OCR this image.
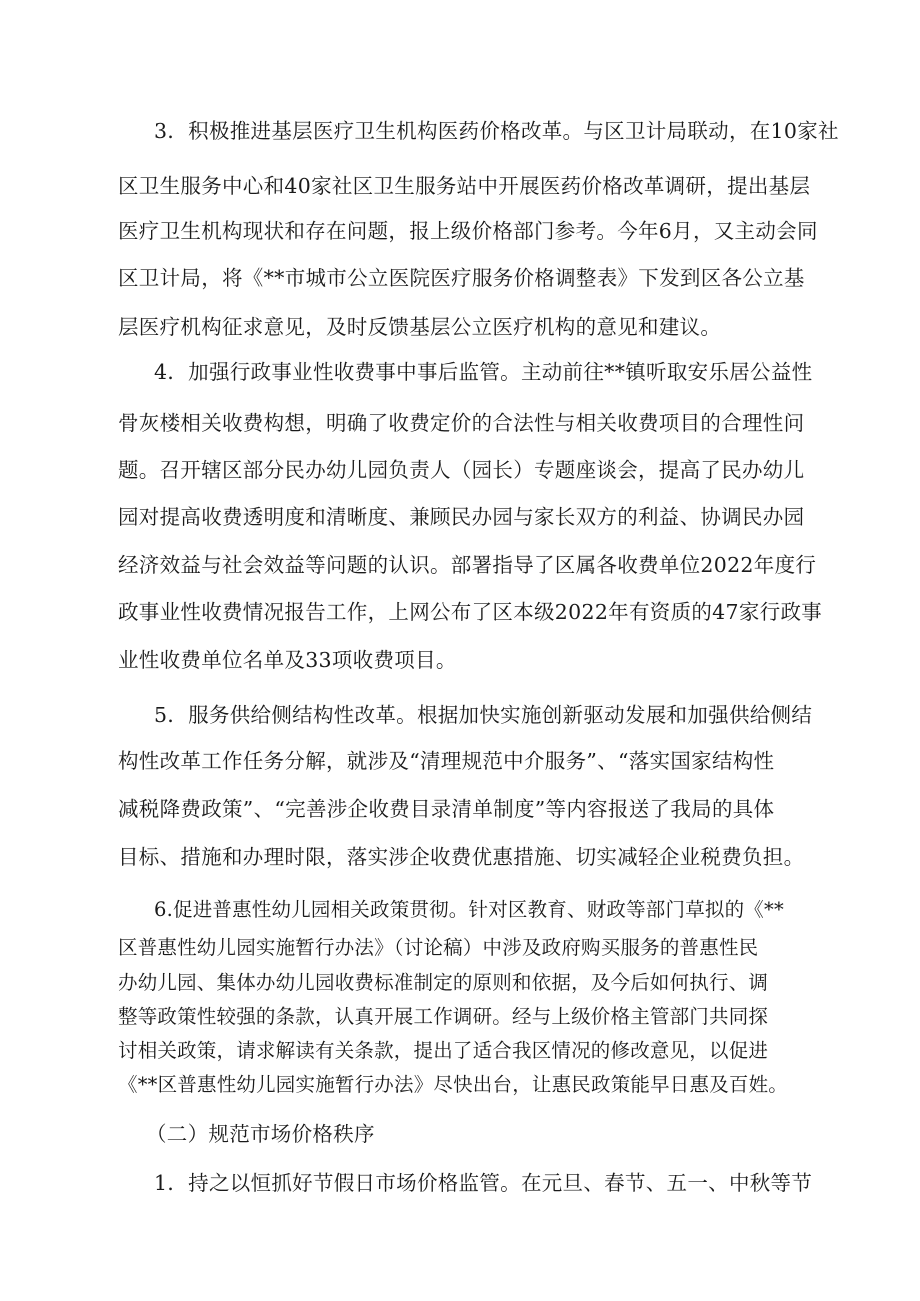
3．积极推进基层医疗卫生机构医药价格改革。与区卫计局联动，在10家社

区卫生服务中心和40家社区卫生服务站中开展医药价格改革调研，提出基层

医疗卫生机构现状和存在问题，报上级价格部门参考。今年6月，又主动会同

区卫计局，将《**市城市公立医院医疗服务价格调整表》下发到区各公立基

层医疗机构征求意见，及时反馈基层公立医疗机构的意见和建议。

4．加强行政事业性收费事中事后监管。主动前往**镇听取安乐居公益性

骨灰楼相关收费构想，明确了收费定价的合法性与相关收费项目的合理性问

题。召开辖区部分民办幼儿园负责人（园长）专题座谈会，提高了民办幼儿

园对提高收费透明度和清晰度、兼顾民办园与家长双方的利益、协调民办园

经济效益与社会效益等问题的认识。部署指导了区属各收费单位2022年度行

政事业性收费情况报告工作，上网公布了区本级2022年有资质的47家行政事

业性收费单位名单及33项收费项目。

5．服务供给侧结构性改革。根据加快实施创新驱动发展和加强供给侧结

构性改革工作任务分解，就涉及“清理规范中介服务”、“落实国家结构性

减税降费政策”、“完善涉企收费目录清单制度”等内容报送了我局的具体

目标、措施和办理时限，落实涉企收费优惠措施、切实减轻企业税费负担。

6.促进普惠性幼儿园相关政策贯彻。针对区教育、财政等部门草拟的《**

区普惠性幼儿园实施暂行办法》（讨论稿）中涉及政府购买服务的普惠性民

办幼儿园、集体办幼儿园收费标准制定的原则和依据，及今后如何执行、调

整等政策性较强的条款，认真开展工作调研。经与上级价格主管部门共同探

讨相关政策，请求解读有关条款，提出了适合我区情况的修改意见，以促进

《**区普惠性幼儿园实施暂行办法》尽快出台，让惠民政策能早日惠及百姓。

（二）规范市场价格秩序

1．持之以恒抓好节假日市场价格监管。在元旦、春节、五一、中秋等节
